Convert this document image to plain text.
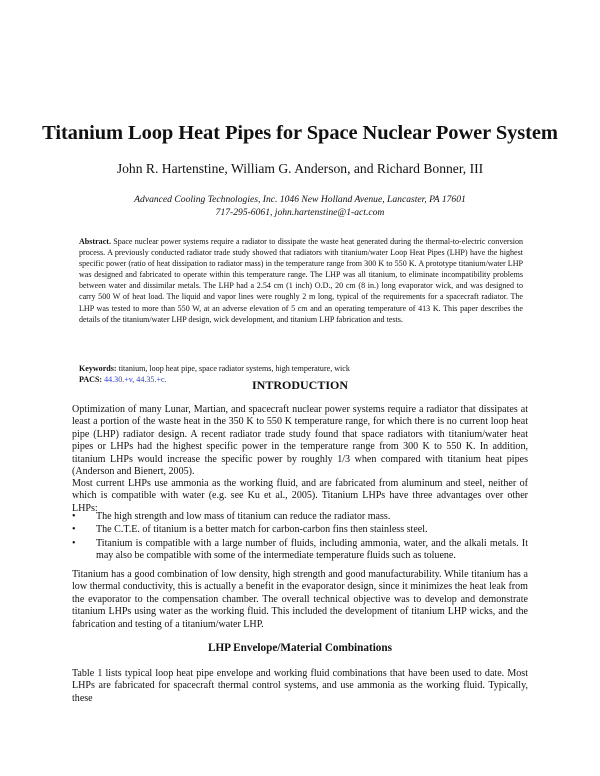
Titanium Loop Heat Pipes for Space Nuclear Power System
John R. Hartenstine, William G. Anderson, and Richard Bonner, III
Advanced Cooling Technologies, Inc. 1046 New Holland Avenue, Lancaster, PA 17601
717-295-6061, john.hartenstine@1-act.com
Abstract. Space nuclear power systems require a radiator to dissipate the waste heat generated during the thermal-to-electric conversion process. A previously conducted radiator trade study showed that radiators with titanium/water Loop Heat Pipes (LHP) have the highest specific power (ratio of heat dissipation to radiator mass) in the temperature range from 300 K to 550 K. A prototype titanium/water LHP was designed and fabricated to operate within this temperature range. The LHP was all titanium, to eliminate incompatibility problems between water and dissimilar metals. The LHP had a 2.54 cm (1 inch) O.D., 20 cm (8 in.) long evaporator wick, and was designed to carry 500 W of heat load. The liquid and vapor lines were roughly 2 m long, typical of the requirements for a spacecraft radiator. The LHP was tested to more than 550 W, at an adverse elevation of 5 cm and an operating temperature of 413 K. This paper describes the details of the titanium/water LHP design, wick development, and titanium LHP fabrication and tests.
Keywords: titanium, loop heat pipe, space radiator systems, high temperature, wick
PACS: 44.30.+v, 44.35.+c.	INTRODUCTION
Optimization of many Lunar, Martian, and spacecraft nuclear power systems require a radiator that dissipates at least a portion of the waste heat in the 350 K to 550 K temperature range, for which there is no current loop heat pipe (LHP) radiator design. A recent radiator trade study found that space radiators with titanium/water heat pipes or LHPs had the highest specific power in the temperature range from 300 K to 550 K. In addition, titanium LHPs would increase the specific power by roughly 1/3 when compared with titanium heat pipes (Anderson and Bienert, 2005).
Most current LHPs use ammonia as the working fluid, and are fabricated from aluminum and steel, neither of which is compatible with water (e.g. see Ku et al., 2005). Titanium LHPs have three advantages over other LHPs:
•	The high strength and low mass of titanium can reduce the radiator mass.
•	The C.T.E. of titanium is a better match for carbon-carbon fins then stainless steel.
•	Titanium is compatible with a large number of fluids, including ammonia, water, and the alkali metals. It may also be compatible with some of the intermediate temperature fluids such as toluene.
Titanium has a good combination of low density, high strength and good manufacturability. While titanium has a low thermal conductivity, this is actually a benefit in the evaporator design, since it minimizes the heat leak from the evaporator to the compensation chamber. The overall technical objective was to develop and demonstrate titanium LHPs using water as the working fluid. This included the development of titanium LHP wicks, and the fabrication and testing of a titanium/water LHP.
LHP Envelope/Material Combinations
Table 1 lists typical loop heat pipe envelope and working fluid combinations that have been used to date. Most LHPs are fabricated for spacecraft thermal control systems, and use ammonia as the working fluid. Typically, these
